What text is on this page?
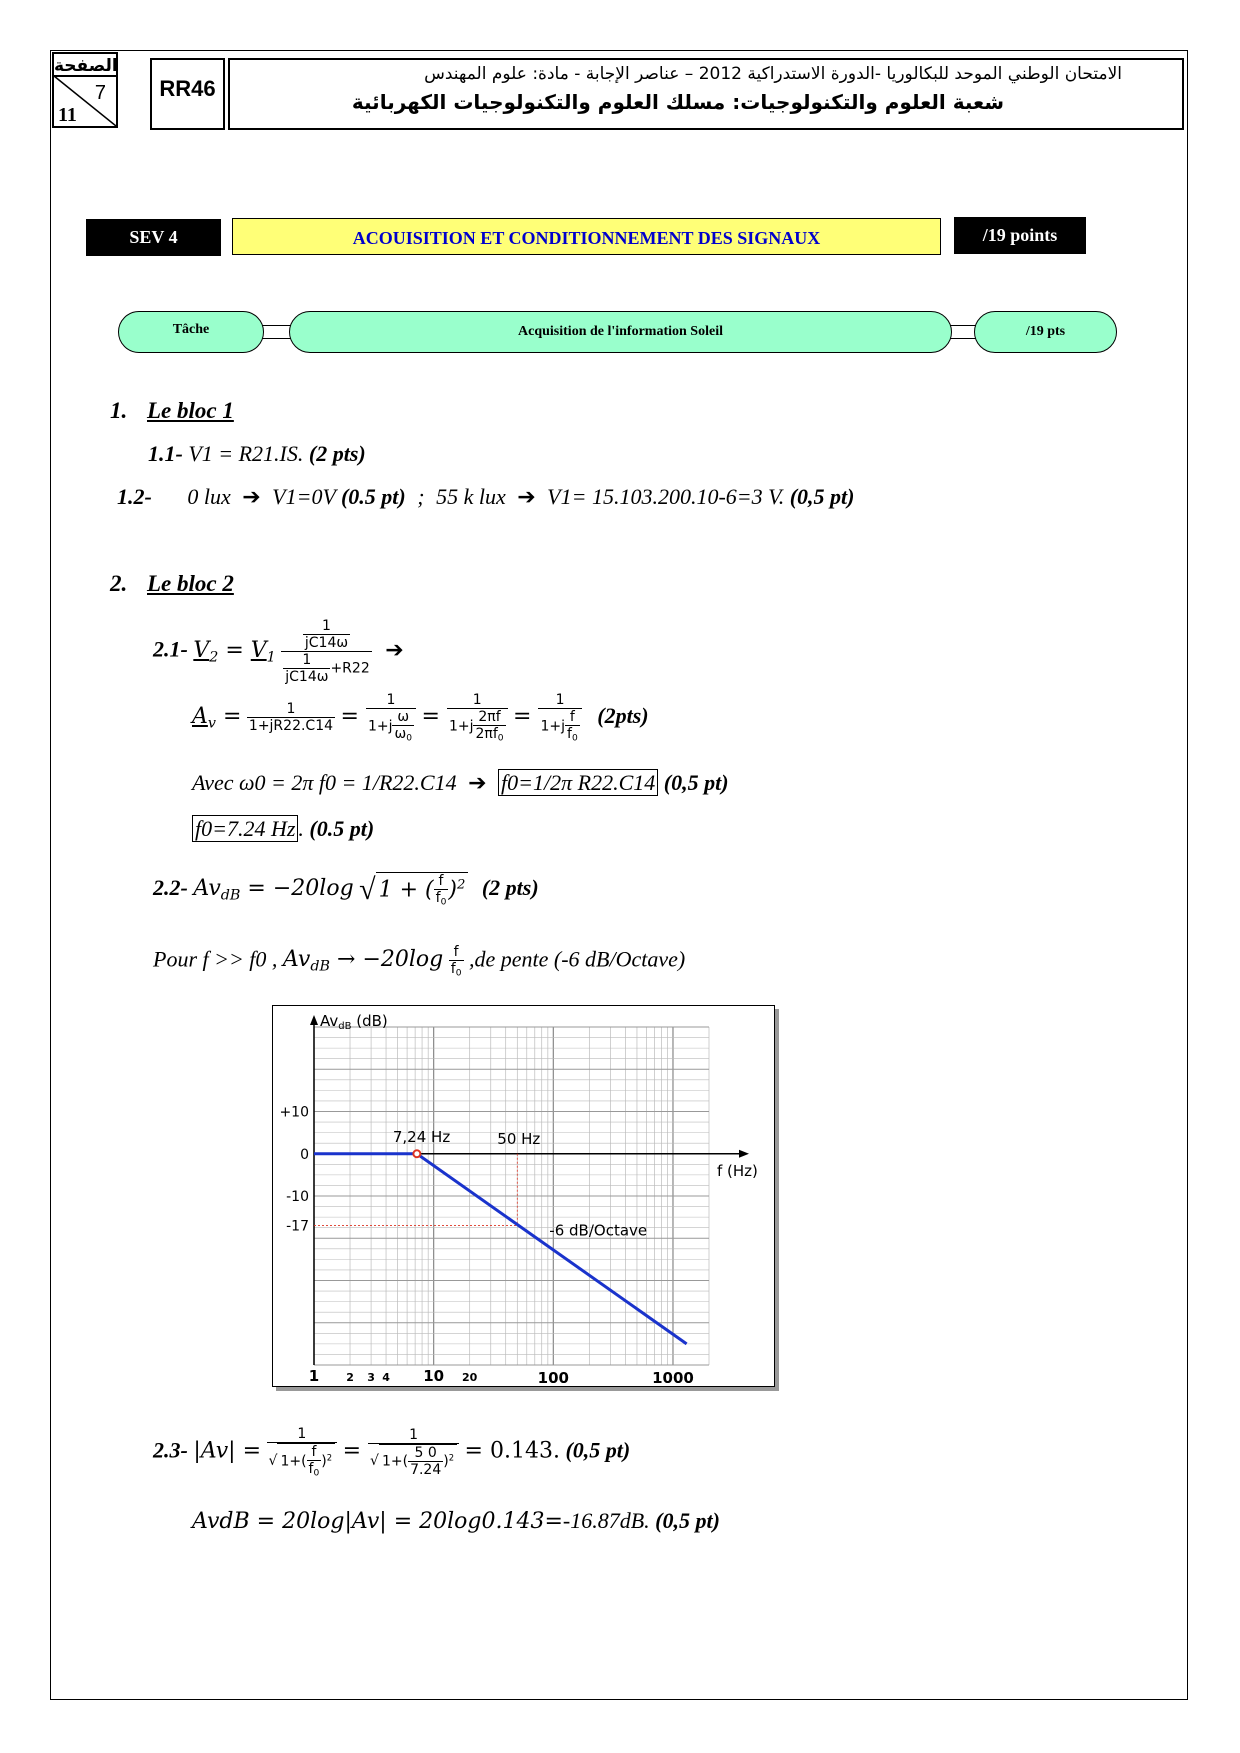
الصفحة
7
11
RR46
الامتحان الوطني الموحد للبكالوريا -الدورة الاستدراكية 2012 – عناصر الإجابة - مادة: علوم المهندس
شعبة العلوم والتكنولوجيات: مسلك العلوم والتكنولوجيات الكهربائية
SEV 4	ACOUISITION ET CONDITIONNEMENT DES SIGNAUX	/19 points
Tâche	Acquisition de l'information Soleil	/19 pts
1. Le bloc 1
1.1- V1 = R21.IS. (2 pts)
1.2- 0 lux ➔ V1=0V (0.5 pt) ; 55 k lux ➔ V1= 15.103.200.10-6=3 V. (0,5 pt)
2. Le bloc 2
2.1- $V_2 = V_1 \frac{\frac{1}{jC14\omega}}{\frac{1}{jC14\omega} +R22}$ ➔
$A_v = \frac{1}{1+jR22.C14} = \frac{1}{1+j \frac{\omega}{\omega_0}} = \frac{1}{1+j \frac{2\pi f}{2\pi f_0}} = \frac{1}{1+j \frac{f}{f_0}} (2pts)$
Avec ω0 = 2π f0 = 1/R22.C14 ➔ f0=1/2π R22.C14 (0,5 pt)
f0=7.24 Hz . (0.5 pt)
2.2- $Av_{dB} = -20\log$ √ 1 + ( $\frac{f}{f_0} )^2$ (2 pts)
Pour f >> f0 , $Av_{dB} \to -20\log \frac{f}{f_0} ,de$ pente (-6 dB/Octave)
$Av_{dB}$ (dB)
f (Hz)
+10
0
-10
-17
1 2 3 4 10 20	100	1000
7,24 Hz	50 Hz
-6 dB/Octave
2.3- $|Av| = \frac{1}{√ 1+( \frac{f}{f_0} )^2} = \frac{1}{√ 1+( \frac{5 0}{7.24} )^2} = 0.143$. (0,5 pt)
AvdB = 20log|Av| = 20log0.143=-16.87dB. (0,5 pt)
